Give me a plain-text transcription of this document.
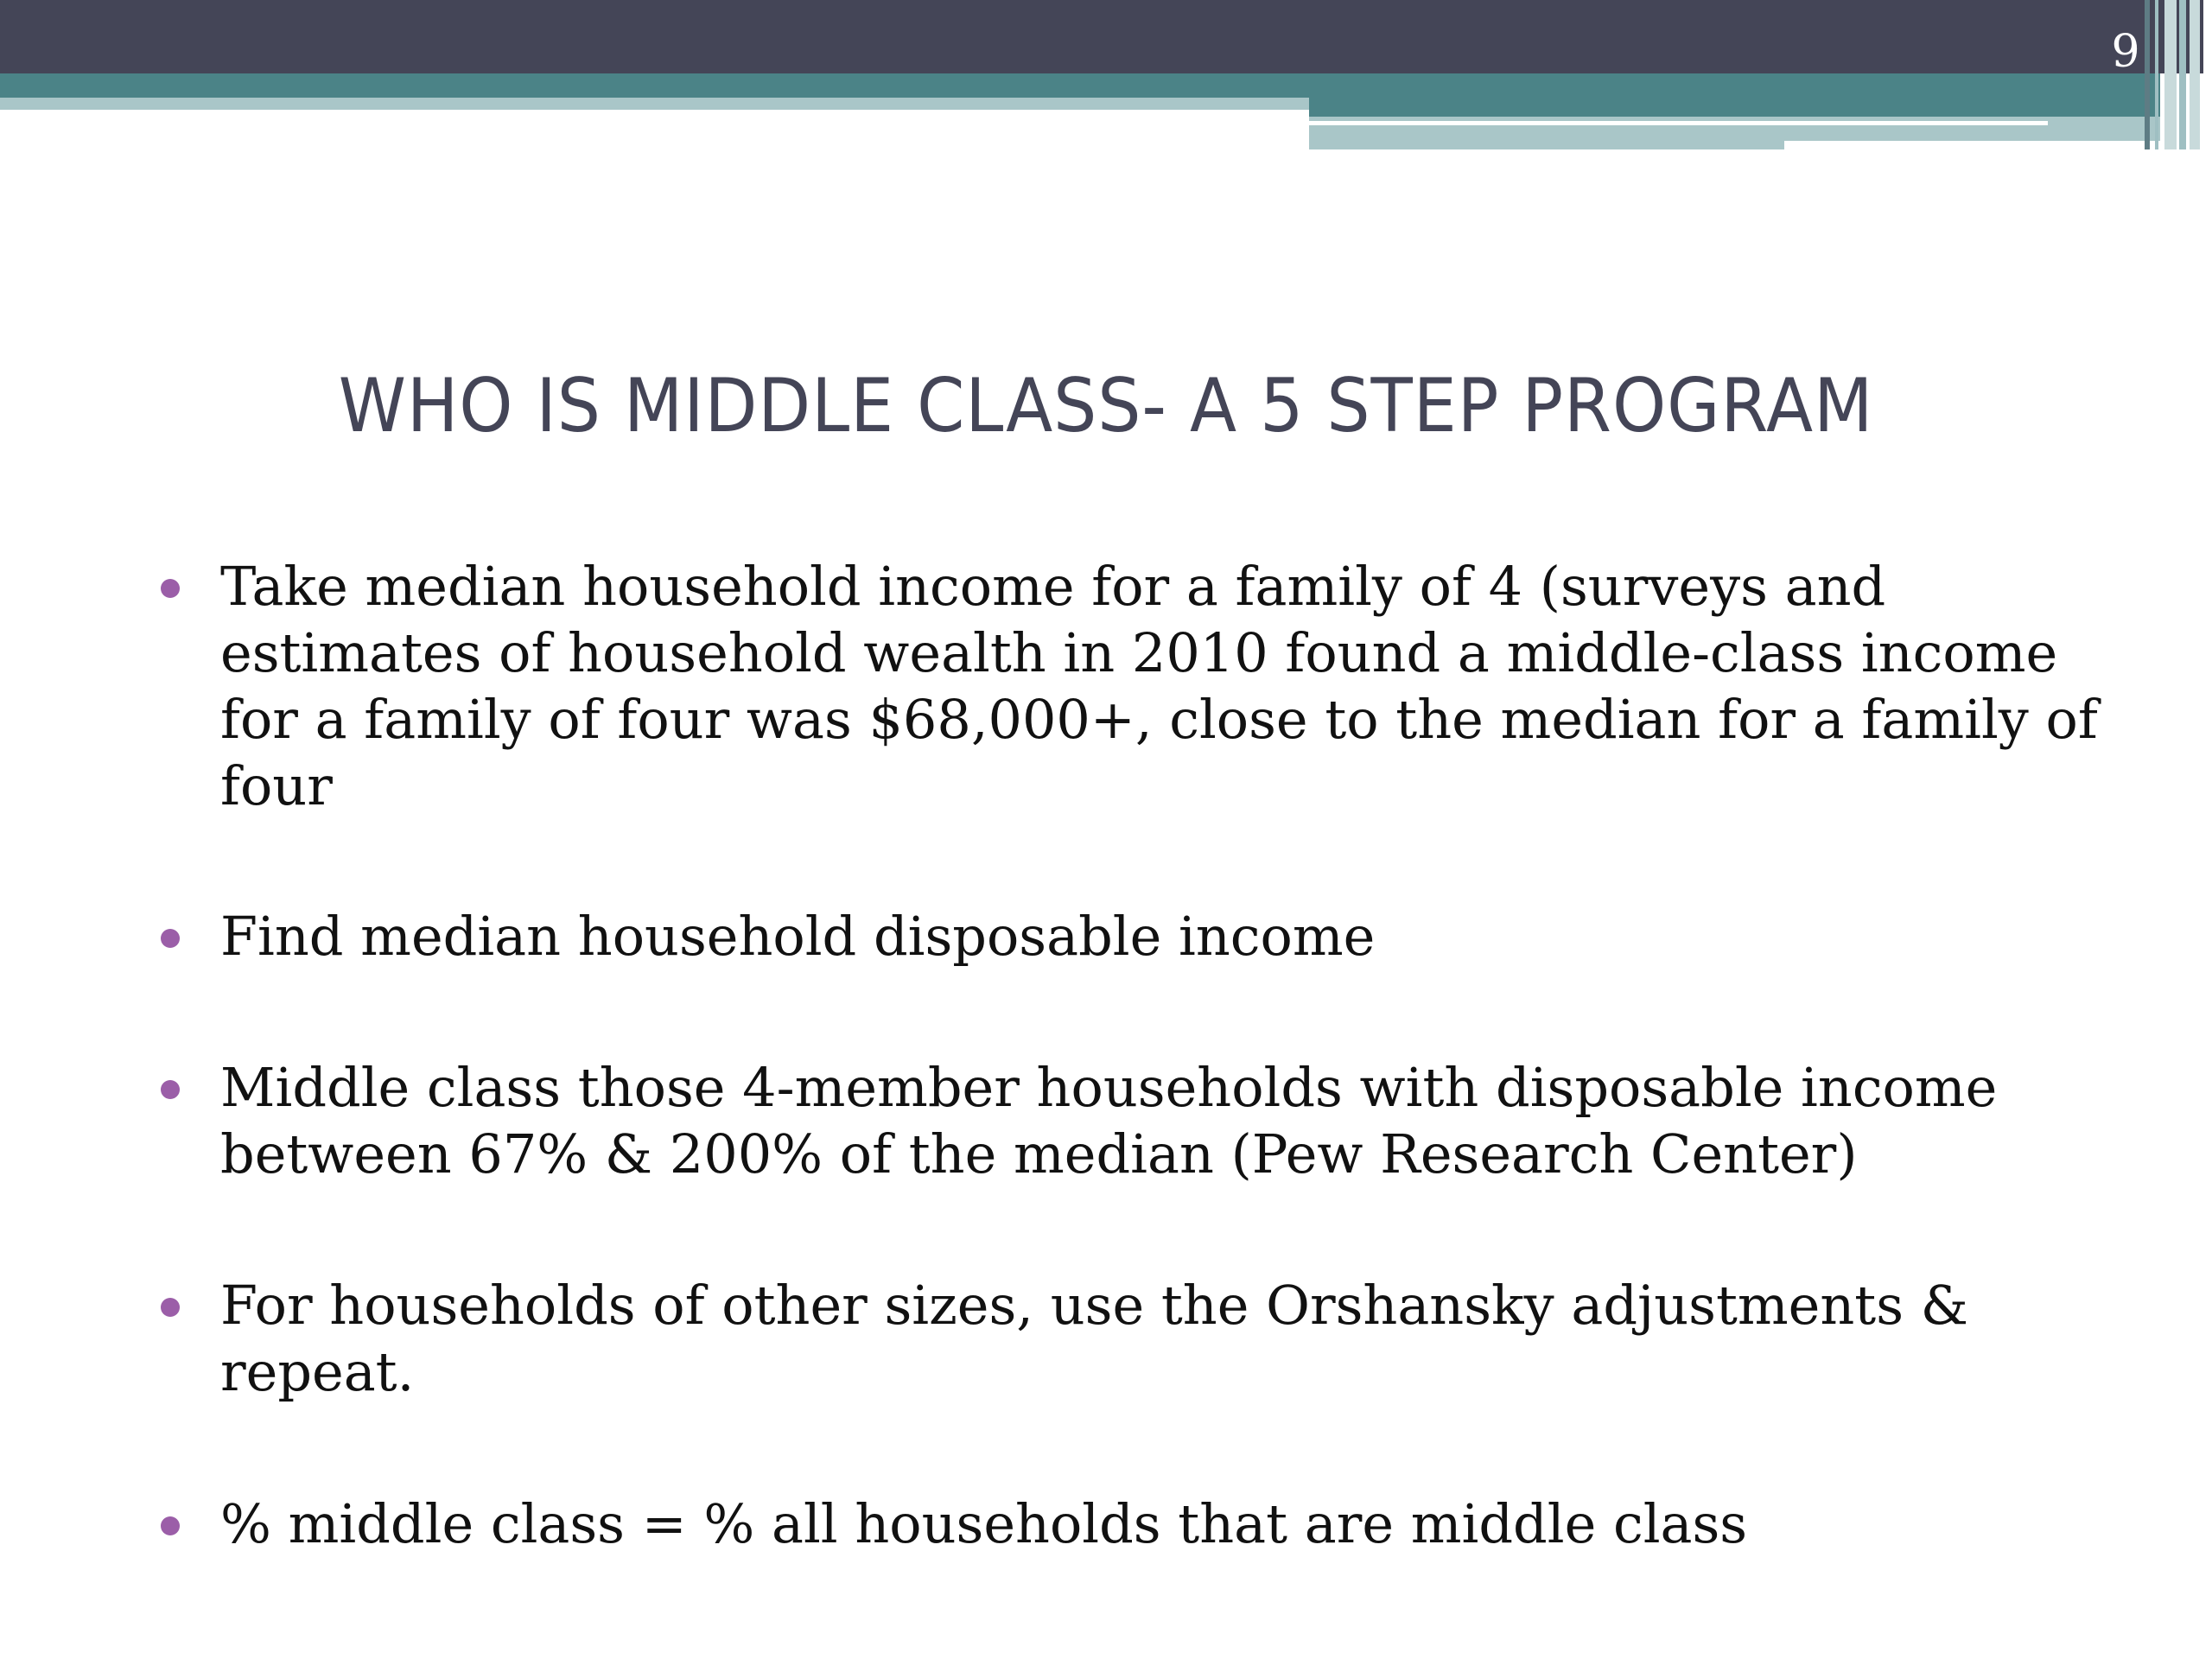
9
WHO IS MIDDLE CLASS- A 5 STEP PROGRAM
Take median household income for a family of 4 (surveys and estimates of household wealth in 2010 found a middle-class income for a family of four was $68,000+, close to the median for a family of four
Find median household disposable income
Middle class those 4-member households with disposable income between 67% & 200% of the median (Pew Research Center)
For households of other sizes, use the Orshansky adjustments & repeat.
% middle class = % all households that are middle class
